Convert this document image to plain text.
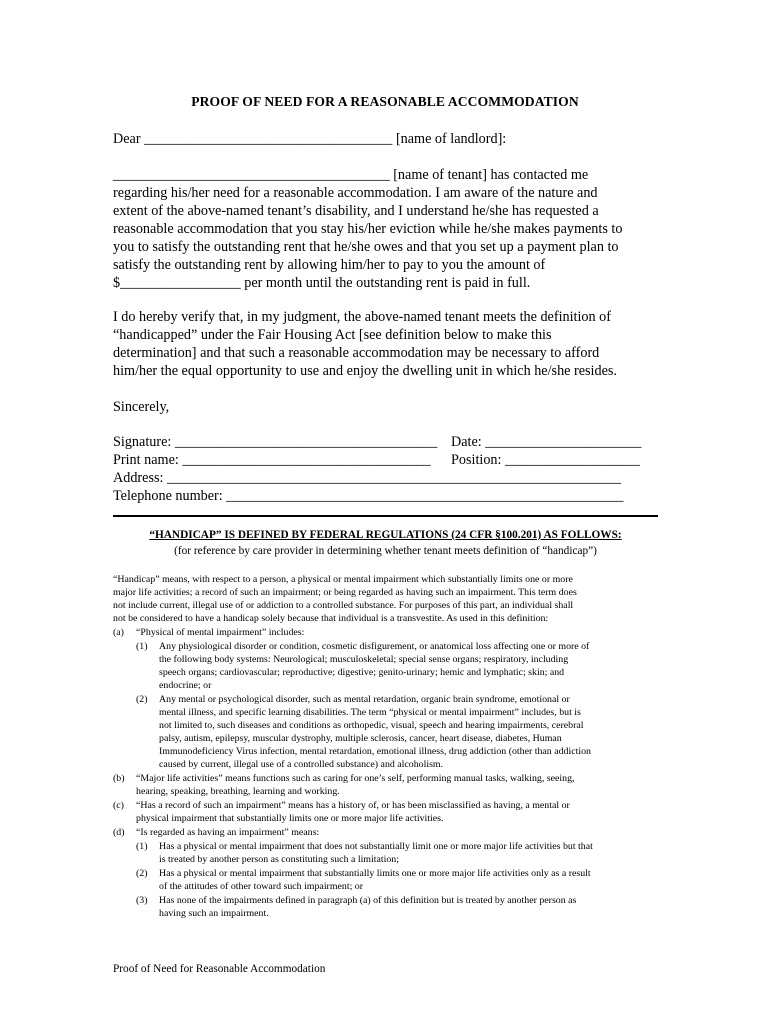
PROOF OF NEED FOR A REASONABLE ACCOMMODATION
Dear ___________________________________ [name of landlord]:

_______________________________________ [name of tenant] has contacted me

regarding his/her need for a reasonable accommodation. I am aware of the nature and

extent of the above-named tenant’s disability, and I understand he/she has requested a

reasonable accommodation that you stay his/her eviction while he/she makes payments to

you to satisfy the outstanding rent that he/she owes and that you set up a payment plan to

satisfy the outstanding rent by allowing him/her to pay to you the amount of

$_________________ per month until the outstanding rent is paid in full.

I do hereby verify that, in my judgment, the above-named tenant meets the definition of

“handicapped” under the Fair Housing Act [see definition below to make this

determination] and that such a reasonable accommodation may be necessary to afford

him/her the equal opportunity to use and enjoy the dwelling unit in which he/she resides.

Sincerely,
Signature: _____________________________________ Date: ______________________
Print name: ___________________________________ Position: ___________________
Address: ________________________________________________________________
Telephone number: ________________________________________________________
“HANDICAP” IS DEFINED BY FEDERAL REGULATIONS (24 CFR §100.201) AS FOLLOWS:
(for reference by care provider in determining whether tenant meets definition of “handicap”)
“Handicap” means, with respect to a person, a physical or mental impairment which substantially limits one or more
major life activities; a record of such an impairment; or being regarded as having such an impairment. This term does
not include current, illegal use of or addiction to a controlled substance. For purposes of this part, an individual shall
not be considered to have a handicap solely because that individual is a transvestite. As used in this definition:
(a) “Physical of mental impairment” includes:
(1) Any physiological disorder or condition, cosmetic disfigurement, or anatomical loss affecting one or more of
the following body systems: Neurological; musculoskeletal; special sense organs; respiratory, including
speech organs; cardiovascular; reproductive; digestive; genito-urinary; hemic and lymphatic; skin; and
endocrine; or
(2) Any mental or psychological disorder, such as mental retardation, organic brain syndrome, emotional or
mental illness, and specific learning disabilities. The term “physical or mental impairment” includes, but is
not limited to, such diseases and conditions as orthopedic, visual, speech and hearing impairments, cerebral
palsy, autism, epilepsy, muscular dystrophy, multiple sclerosis, cancer, heart disease, diabetes, Human
Immunodeficiency Virus infection, mental retardation, emotional illness, drug addiction (other than addiction
caused by current, illegal use of a controlled substance) and alcoholism.
(b) “Major life activities” means functions such as caring for one’s self, performing manual tasks, walking, seeing,
hearing, speaking, breathing, learning and working.
(c) “Has a record of such an impairment” means has a history of, or has been misclassified as having, a mental or
physical impairment that substantially limits one or more major life activities.
(d) “Is regarded as having an impairment” means:
(1) Has a physical or mental impairment that does not substantially limit one or more major life activities but that
is treated by another person as constituting such a limitation;
(2) Has a physical or mental impairment that substantially limits one or more major life activities only as a result
of the attitudes of other toward such impairment; or
(3) Has none of the impairments defined in paragraph (a) of this definition but is treated by another person as
having such an impairment.
Proof of Need for Reasonable Accommodation
